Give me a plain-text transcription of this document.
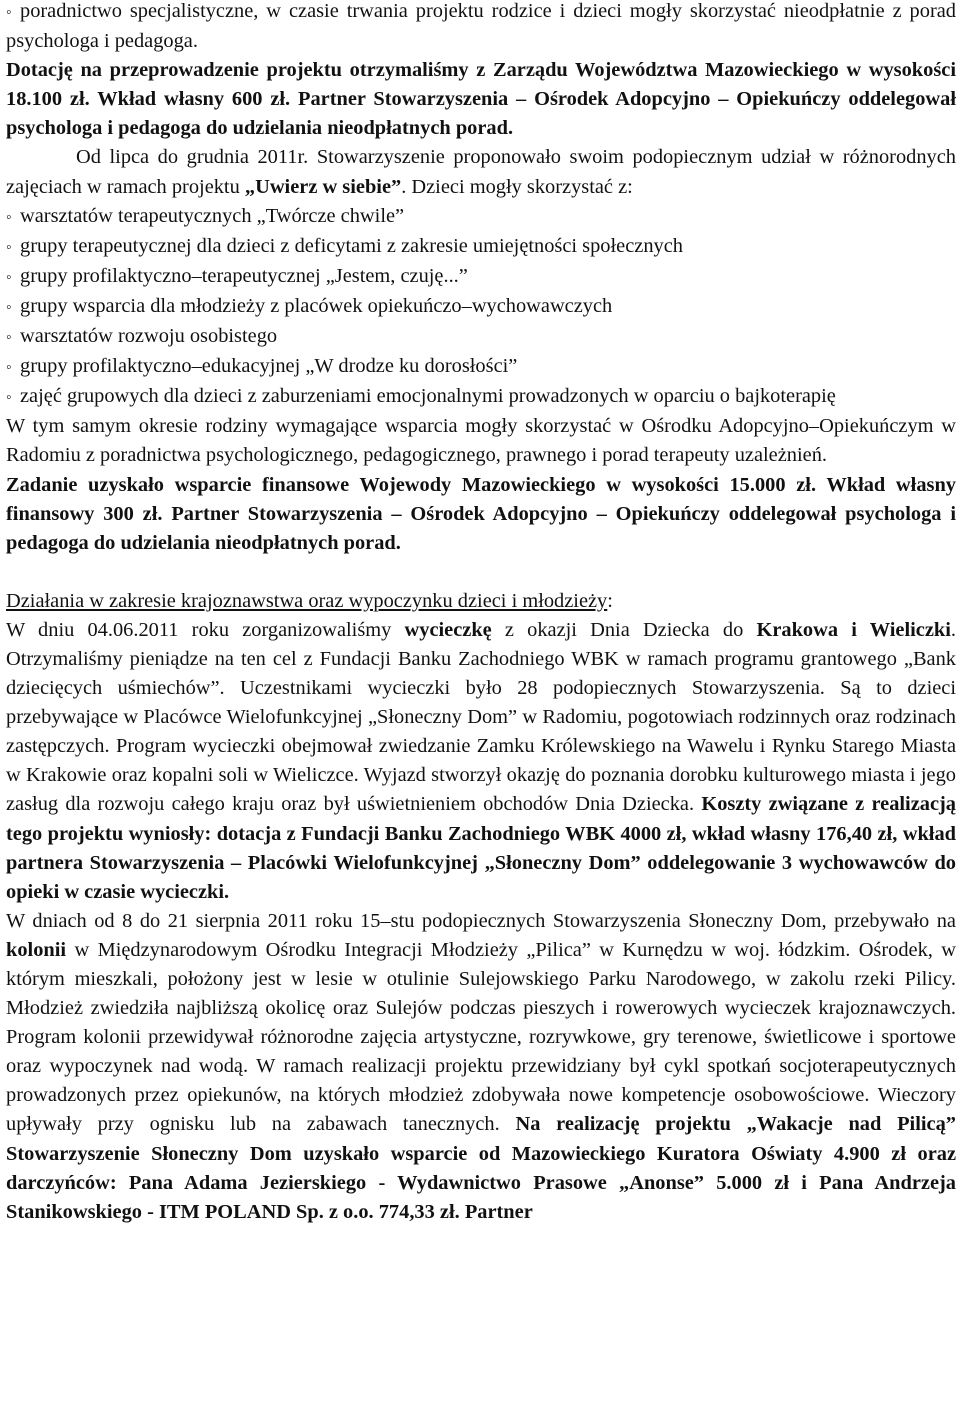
◦ poradnictwo specjalistyczne, w czasie trwania projektu rodzice i dzieci mogły skorzystać nieodpłatnie z porad psychologa i pedagoga.

Dotację na przeprowadzenie projektu otrzymaliśmy z Zarządu Województwa Mazowieckiego w wysokości 18.100 zł. Wkład własny 600 zł. Partner Stowarzyszenia – Ośrodek Adopcyjno – Opiekuńczy oddelegował psychologa i pedagoga do udzielania nieodpłatnych porad.

Od lipca do grudnia 2011r. Stowarzyszenie proponowało swoim podopiecznym udział w różnorodnych zajęciach w ramach projektu „Uwierz w siebie”. Dzieci mogły skorzystać z:

◦ warsztatów terapeutycznych „Twórcze chwile”

◦ grupy terapeutycznej dla dzieci z deficytami z zakresie umiejętności społecznych

◦ grupy profilaktyczno–terapeutycznej „Jestem, czuję...”

◦ grupy wsparcia dla młodzieży z placówek opiekuńczo–wychowawczych

◦ warsztatów rozwoju osobistego

◦ grupy profilaktyczno–edukacyjnej „W drodze ku dorosłości”

◦ zajęć grupowych dla dzieci z zaburzeniami emocjonalnymi prowadzonych w oparciu o bajkoterapię

W tym samym okresie rodziny wymagające wsparcia mogły skorzystać w Ośrodku Adopcyjno–Opiekuńczym w Radomiu z poradnictwa psychologicznego, pedagogicznego, prawnego i porad terapeuty uzależnień.

Zadanie uzyskało wsparcie finansowe Wojewody Mazowieckiego w wysokości 15.000 zł. Wkład własny finansowy 300 zł. Partner Stowarzyszenia – Ośrodek Adopcyjno – Opiekuńczy oddelegował psychologa i pedagoga do udzielania nieodpłatnych porad.

Działania w zakresie krajoznawstwa oraz wypoczynku dzieci i młodzieży:

W dniu 04.06.2011 roku zorganizowaliśmy wycieczkę z okazji Dnia Dziecka do Krakowa i Wieliczki. Otrzymaliśmy pieniądze na ten cel z Fundacji Banku Zachodniego WBK w ramach programu grantowego „Bank dziecięcych uśmiechów”. Uczestnikami wycieczki było 28 podopiecznych Stowarzyszenia. Są to dzieci przebywające w Placówce Wielofunkcyjnej „Słoneczny Dom” w Radomiu, pogotowiach rodzinnych oraz rodzinach zastępczych. Program wycieczki obejmował zwiedzanie Zamku Królewskiego na Wawelu i Rynku Starego Miasta w Krakowie oraz kopalni soli w Wieliczce. Wyjazd stworzył okazję do poznania dorobku kulturowego miasta i jego zasług dla rozwoju całego kraju oraz był uświetnieniem obchodów Dnia Dziecka. Koszty związane z realizacją tego projektu wyniosły: dotacja z Fundacji Banku Zachodniego WBK 4000 zł, wkład własny 176,40 zł, wkład partnera Stowarzyszenia – Placówki Wielofunkcyjnej „Słoneczny Dom” oddelegowanie 3 wychowawców do opieki w czasie wycieczki.

W dniach od 8 do 21 sierpnia 2011 roku 15–stu podopiecznych Stowarzyszenia Słoneczny Dom, przebywało na kolonii w Międzynarodowym Ośrodku Integracji Młodzieży „Pilica” w Kurnędzu w woj. łódzkim. Ośrodek, w którym mieszkali, położony jest w lesie w otulinie Sulejowskiego Parku Narodowego, w zakolu rzeki Pilicy. Młodzież zwiedziła najbliższą okolicę oraz Sulejów podczas pieszych i rowerowych wycieczek krajoznawczych. Program kolonii przewidywał różnorodne zajęcia artystyczne, rozrywkowe, gry terenowe, świetlicowe i sportowe oraz wypoczynek nad wodą. W ramach realizacji projektu przewidziany był cykl spotkań socjoterapeutycznych prowadzonych przez opiekunów, na których młodzież zdobywała nowe kompetencje osobowościowe. Wieczory upływały przy ognisku lub na zabawach tanecznych. Na realizację projektu „Wakacje nad Pilicą” Stowarzyszenie Słoneczny Dom uzyskało wsparcie od Mazowieckiego Kuratora Oświaty 4.900 zł oraz darczyńców: Pana Adama Jezierskiego - Wydawnictwo Prasowe „Anonse” 5.000 zł i Pana Andrzeja Stanikowskiego - ITM POLAND Sp. z o.o. 774,33 zł. Partner
